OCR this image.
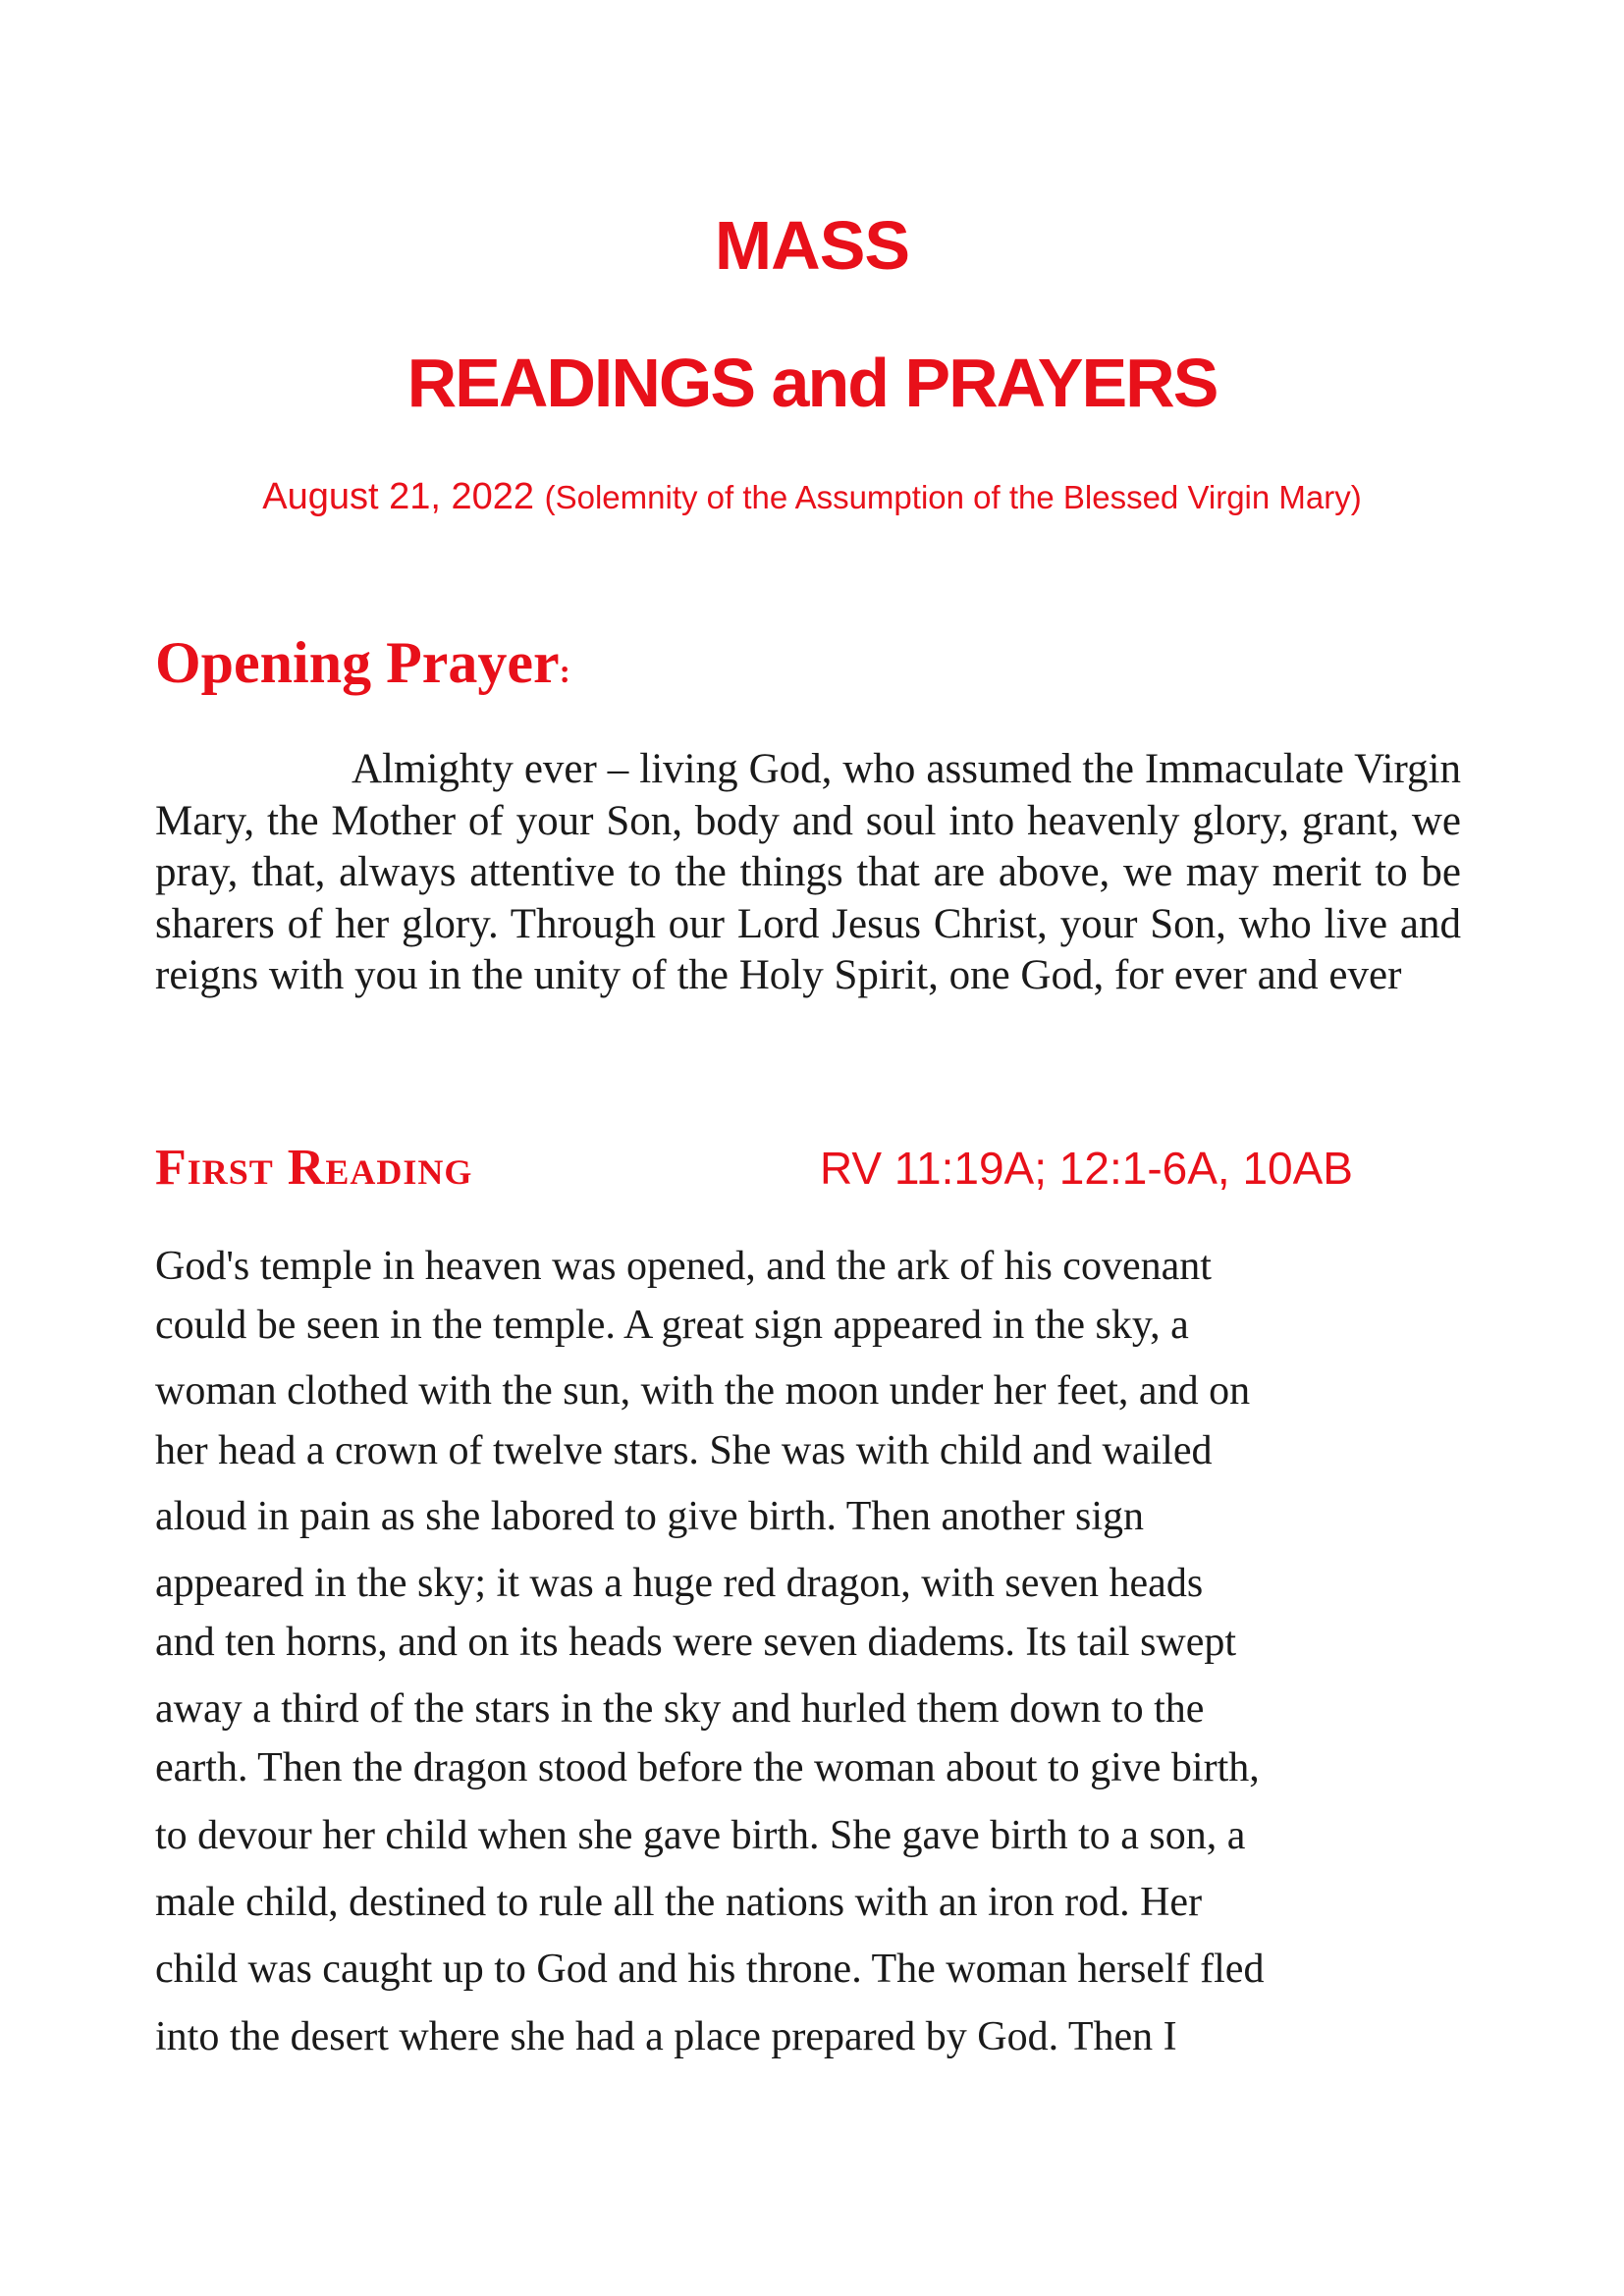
MASS
READINGS and PRAYERS
August 21, 2022 (Solemnity of the Assumption of the Blessed Virgin Mary)
Opening Prayer:
Almighty ever – living God, who assumed the Immaculate Virgin Mary, the Mother of your Son, body and soul into heavenly glory, grant, we pray, that, always attentive to the things that are above, we may merit to be sharers of her glory. Through our Lord Jesus Christ, your Son, who live and reigns with you in the unity of the Holy Spirit, one God, for ever and ever
First Reading	RV 11:19A; 12:1-6A, 10AB
God's temple in heaven was opened, and the ark of his covenant
could be seen in the temple. A great sign appeared in the sky, a
woman clothed with the sun, with the moon under her feet, and on
her head a crown of twelve stars. She was with child and wailed
aloud in pain as she labored to give birth. Then another sign
appeared in the sky; it was a huge red dragon, with seven heads
and ten horns, and on its heads were seven diadems. Its tail swept
away a third of the stars in the sky and hurled them down to the
earth. Then the dragon stood before the woman about to give birth,
to devour her child when she gave birth. She gave birth to a son, a
male child, destined to rule all the nations with an iron rod. Her
child was caught up to God and his throne. The woman herself fled
into the desert where she had a place prepared by God. Then I
